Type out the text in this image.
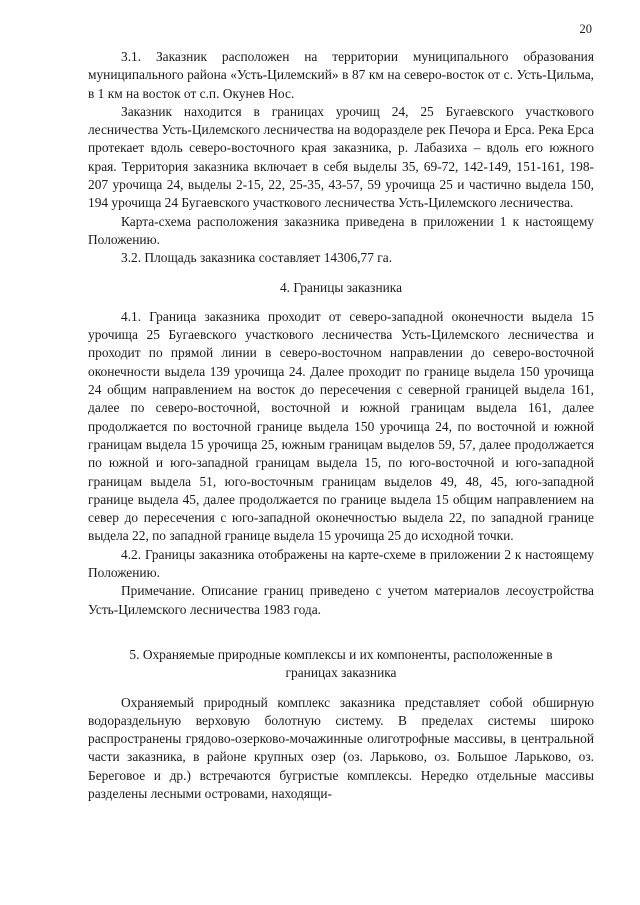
20

3.1. Заказник расположен на территории муниципального образования муниципального района «Усть-Цилемский» в 87 км на северо-восток от с. Усть-Цильма, в 1 км на восток от с.п. Окунев Нос.

Заказник находится в границах урочищ 24, 25 Бугаевского участкового лесничества Усть-Цилемского лесничества на водоразделе рек Печора и Ерса. Река Ерса протекает вдоль северо-восточного края заказника, р. Лабазиха – вдоль его южного края. Территория заказника включает в себя выделы 35, 69-72, 142-149, 151-161, 198-207 урочища 24, выделы 2-15, 22, 25-35, 43-57, 59 урочища 25 и частично выдела 150, 194 урочища 24 Бугаевского участкового лесничества Усть-Цилемского лесничества.

Карта-схема расположения заказника приведена в приложении 1 к настоящему Положению.

3.2. Площадь заказника составляет 14306,77 га.

4. Границы заказника

4.1. Граница заказника проходит от северо-западной оконечности выдела 15 урочища 25 Бугаевского участкового лесничества Усть-Цилемского лесничества и проходит по прямой линии в северо-восточном направлении до северо-восточной оконечности выдела 139 урочища 24. Далее проходит по границе выдела 150 урочища 24 общим направлением на восток до пересечения с северной границей выдела 161, далее по северо-восточной, восточной и южной границам выдела 161, далее продолжается по восточной границе выдела 150 урочища 24, по восточной и южной границам выдела 15 урочища 25, южным границам выделов 59, 57, далее продолжается по южной и юго-западной границам выдела 15, по юго-восточной и юго-западной границам выдела 51, юго-восточным границам выделов 49, 48, 45, юго-западной границе выдела 45, далее продолжается по границе выдела 15 общим направлением на север до пересечения с юго-западной оконечностью выдела 22, по западной границе выдела 22, по западной границе выдела 15 урочища 25 до исходной точки.

4.2. Границы заказника отображены на карте-схеме в приложении 2 к настоящему Положению.

Примечание. Описание границ приведено с учетом материалов лесоустройства Усть-Цилемского лесничества 1983 года.

5. Охраняемые природные комплексы и их компоненты, расположенные в

границах заказника

Охраняемый природный комплекс заказника представляет собой обширную водораздельную верховую болотную систему. В пределах системы широко распространены грядово-озерково-мочажинные олиготрофные массивы, в центральной части заказника, в районе крупных озер (оз. Ларьково, оз. Большое Ларьково, оз. Береговое и др.) встречаются бугристые комплексы. Нередко отдельные массивы разделены лесными островами, находящи-
